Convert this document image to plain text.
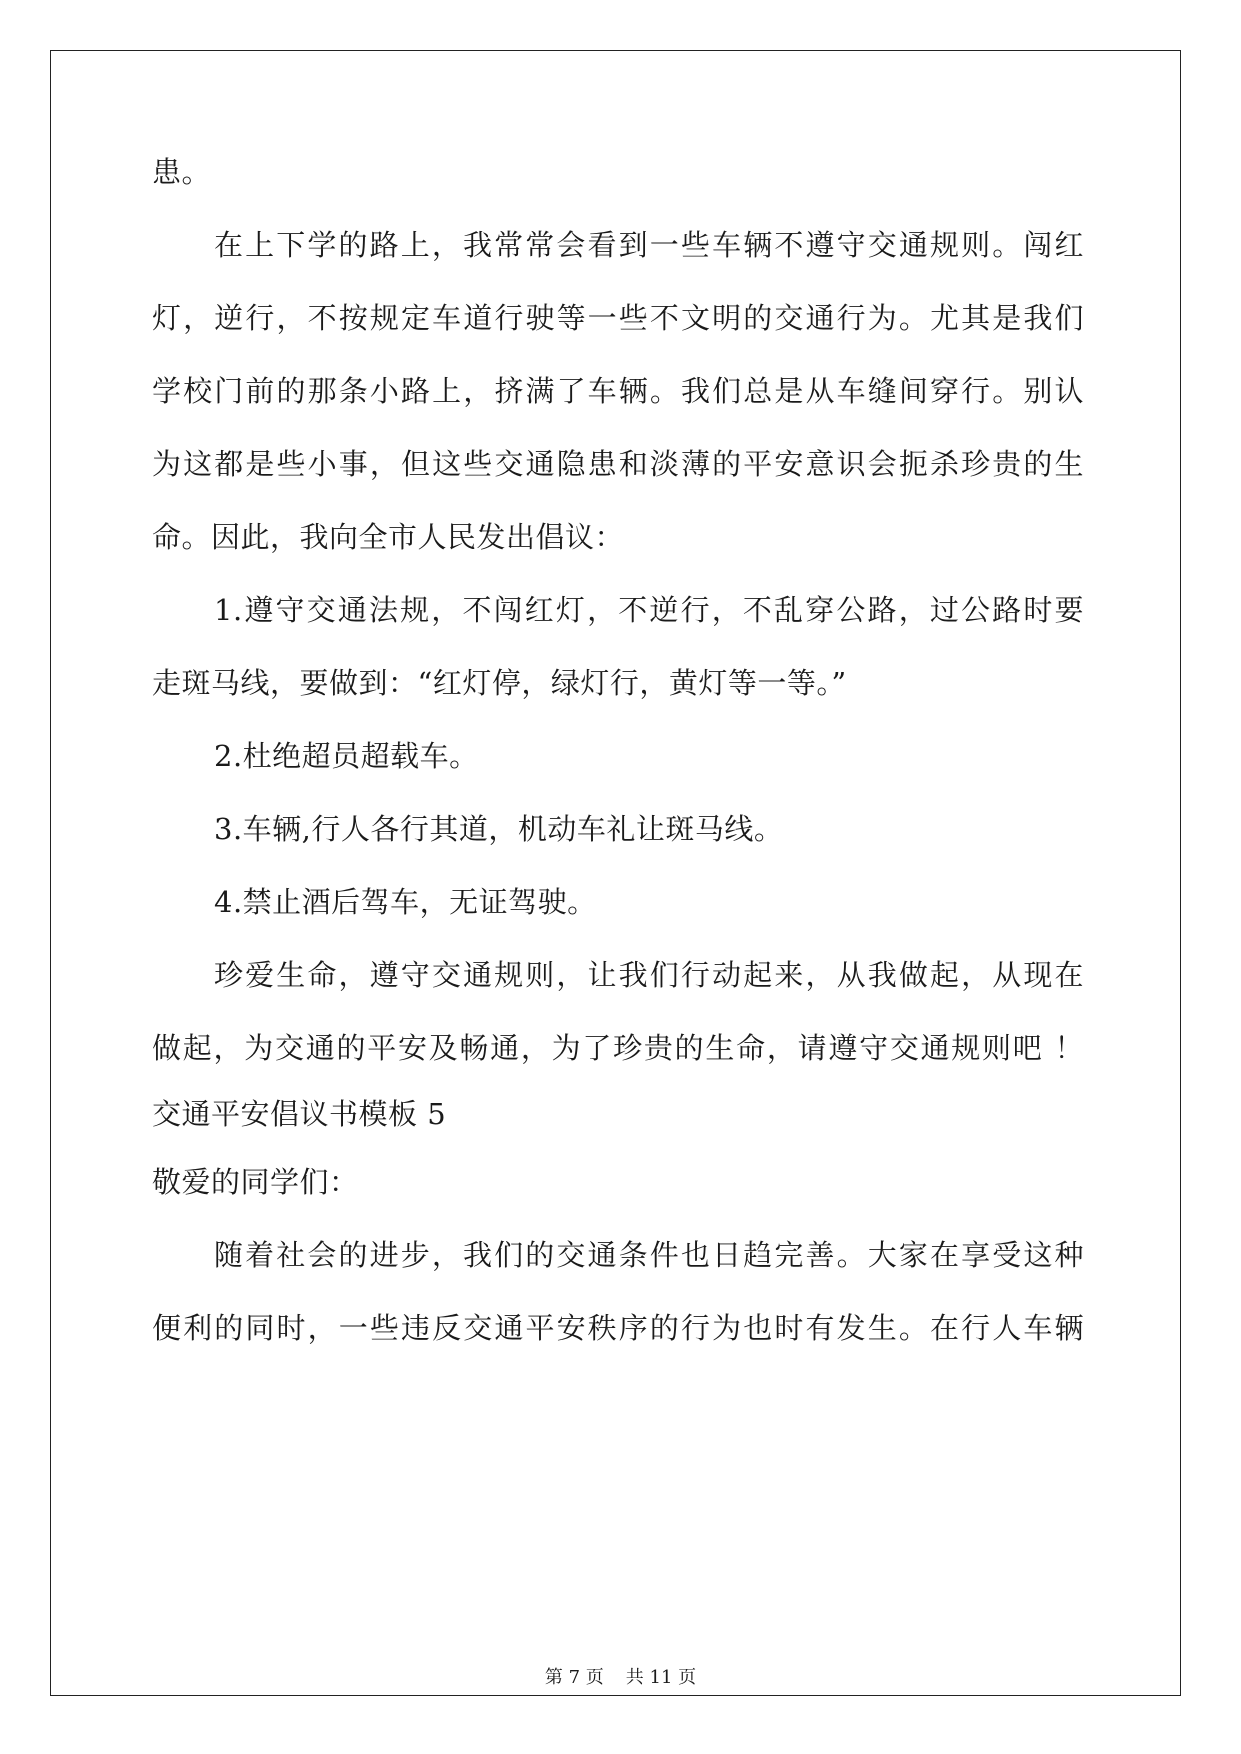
患。
在上下学的路上，我常常会看到一些车辆不遵守交通规则。闯红
灯，逆行，不按规定车道行驶等一些不文明的交通行为。尤其是我们
学校门前的那条小路上，挤满了车辆。我们总是从车缝间穿行。别认
为这都是些小事，但这些交通隐患和淡薄的平安意识会扼杀珍贵的生
命。因此，我向全市人民发出倡议：
1.遵守交通法规，不闯红灯，不逆行，不乱穿公路，过公路时要
走斑马线，要做到：“红灯停，绿灯行，黄灯等一等。”
2.杜绝超员超载车。
3.车辆,行人各行其道，机动车礼让斑马线。
4.禁止酒后驾车，无证驾驶。
珍爱生命，遵守交通规则，让我们行动起来，从我做起，从现在
做起，为交通的平安及畅通，为了珍贵的生命，请遵守交通规则吧 ！
交通平安倡议书模板 5
敬爱的同学们：
随着社会的进步，我们的交通条件也日趋完善。大家在享受这种
便利的同时，一些违反交通平安秩序的行为也时有发生。在行人车辆
第 7 页 共 11 页
